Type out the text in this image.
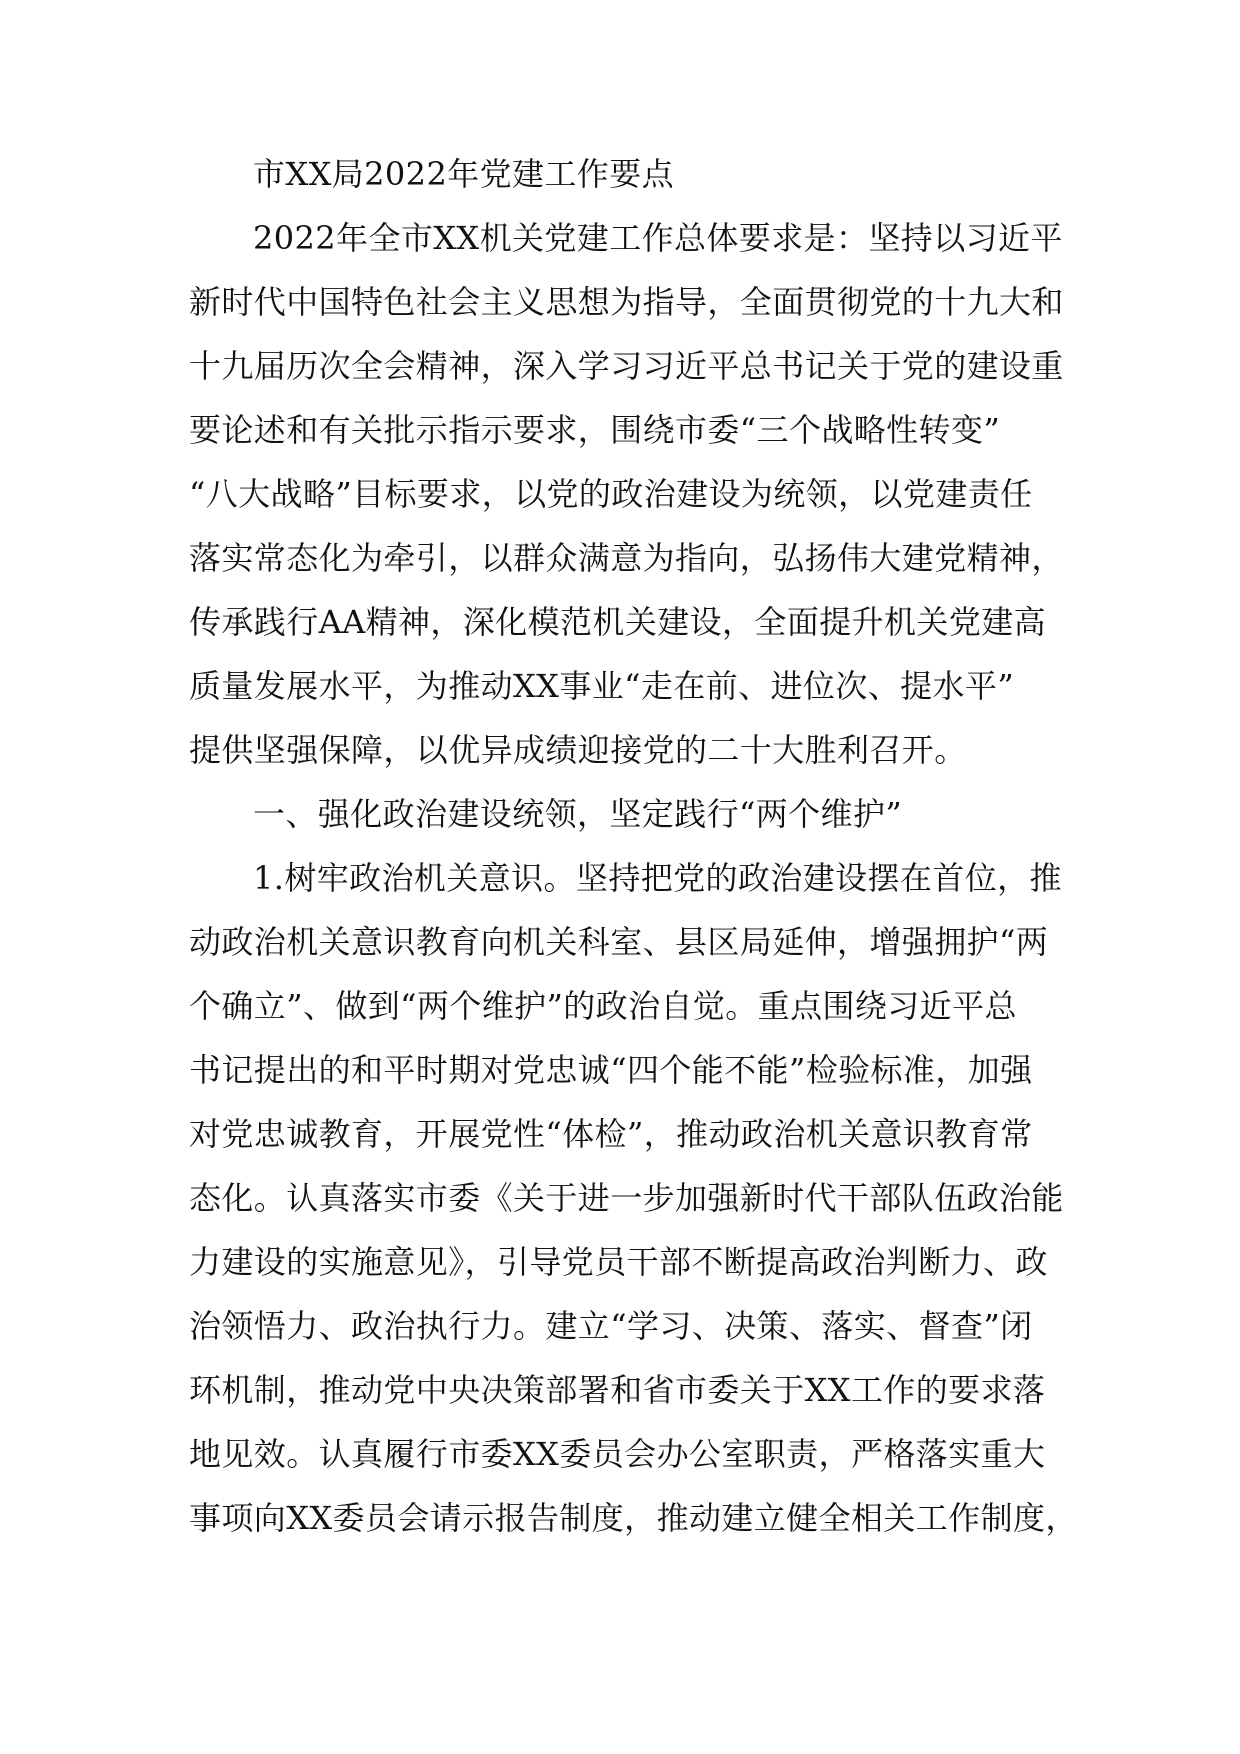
市XX局2022年党建工作要点
2022年全市XX机关党建工作总体要求是：坚持以习近平
新时代中国特色社会主义思想为指导，全面贯彻党的十九大和
十九届历次全会精神，深入学习习近平总书记关于党的建设重
要论述和有关批示指示要求，围绕市委“三个战略性转变”
“八大战略”目标要求，以党的政治建设为统领，以党建责任
落实常态化为牵引，以群众满意为指向，弘扬伟大建党精神，
传承践行AA精神，深化模范机关建设，全面提升机关党建高
质量发展水平，为推动XX事业“走在前、进位次、提水平”
提供坚强保障，以优异成绩迎接党的二十大胜利召开。
一、强化政治建设统领，坚定践行“两个维护”
1.树牢政治机关意识。坚持把党的政治建设摆在首位，推
动政治机关意识教育向机关科室、县区局延伸，增强拥护“两
个确立”、做到“两个维护”的政治自觉。重点围绕习近平总
书记提出的和平时期对党忠诚“四个能不能”检验标准，加强
对党忠诚教育，开展党性“体检”，推动政治机关意识教育常
态化。认真落实市委《关于进一步加强新时代干部队伍政治能
力建设的实施意见》，引导党员干部不断提高政治判断力、政
治领悟力、政治执行力。建立“学习、决策、落实、督查”闭
环机制，推动党中央决策部署和省市委关于XX工作的要求落
地见效。认真履行市委XX委员会办公室职责，严格落实重大
事项向XX委员会请示报告制度，推动建立健全相关工作制度，
